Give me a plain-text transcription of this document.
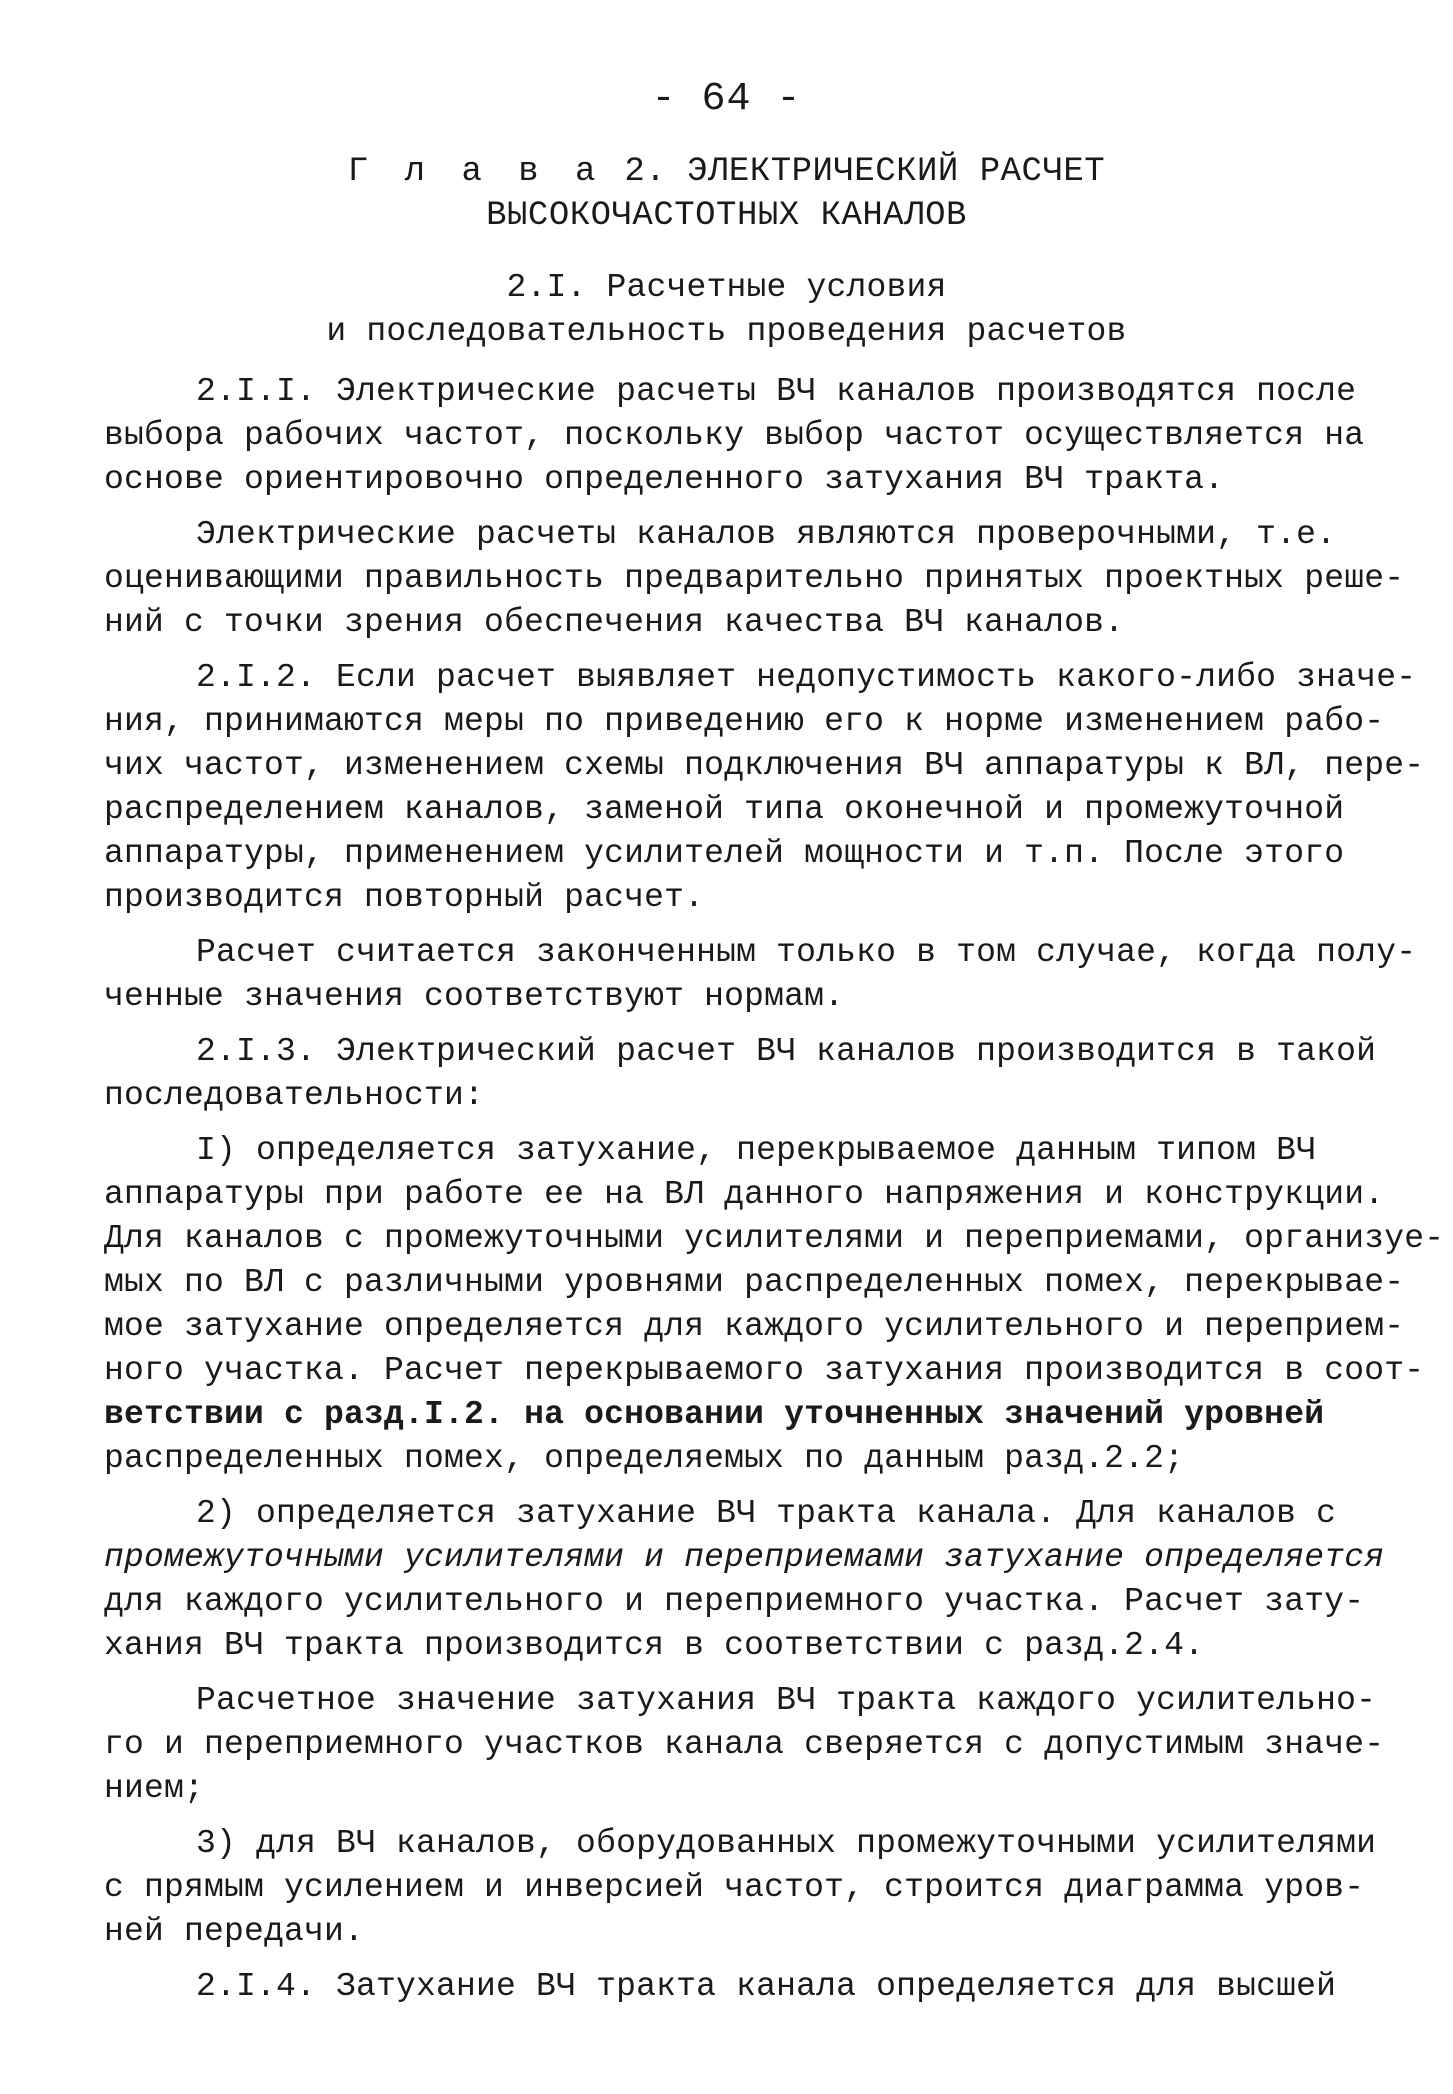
- 64 -
Г л а в а 2. ЭЛЕКТРИЧЕСКИЙ РАСЧЕТ
ВЫСОКОЧАСТОТНЫХ КАНАЛОВ
2.I. Расчетные условия
и последовательность проведения расчетов
2.I.I. Электрические расчеты ВЧ каналов производятся после
выбора рабочих частот, поскольку выбор частот осуществляется на
основе ориентировочно определенного затухания ВЧ тракта.
Электрические расчеты каналов являются проверочными, т.е.
оценивающими правильность предварительно принятых проектных реше-
ний с точки зрения обеспечения качества ВЧ каналов.
2.I.2. Если расчет выявляет недопустимость какого-либо значе-
ния, принимаются меры по приведению его к норме изменением рабо-
чих частот, изменением схемы подключения ВЧ аппаратуры к ВЛ, пере-
распределением каналов, заменой типа оконечной и промежуточной
аппаратуры, применением усилителей мощности и т.п. После этого
производится повторный расчет.
Расчет считается законченным только в том случае, когда полу-
ченные значения соответствуют нормам.
2.I.3. Электрический расчет ВЧ каналов производится в такой
последовательности:
I) определяется затухание, перекрываемое данным типом ВЧ
аппаратуры при работе ее на ВЛ данного напряжения и конструкции.
Для каналов с промежуточными усилителями и переприемами, организуе-
мых по ВЛ с различными уровнями распределенных помех, перекрывае-
мое затухание определяется для каждого усилительного и переприем-
ного участка. Расчет перекрываемого затухания производится в соот-
ветствии с разд.I.2. на основании уточненных значений уровней
распределенных помех, определяемых по данным разд.2.2;
2) определяется затухание ВЧ тракта канала. Для каналов с
промежуточными усилителями и переприемами затухание определяется
для каждого усилительного и переприемного участка. Расчет зату-
хания ВЧ тракта производится в соответствии с разд.2.4.
Расчетное значение затухания ВЧ тракта каждого усилительно-
го и переприемного участков канала сверяется с допустимым значе-
нием;
3) для ВЧ каналов, оборудованных промежуточными усилителями
с прямым усилением и инверсией частот, строится диаграмма уров-
ней передачи.
2.I.4. Затухание ВЧ тракта канала определяется для высшей
